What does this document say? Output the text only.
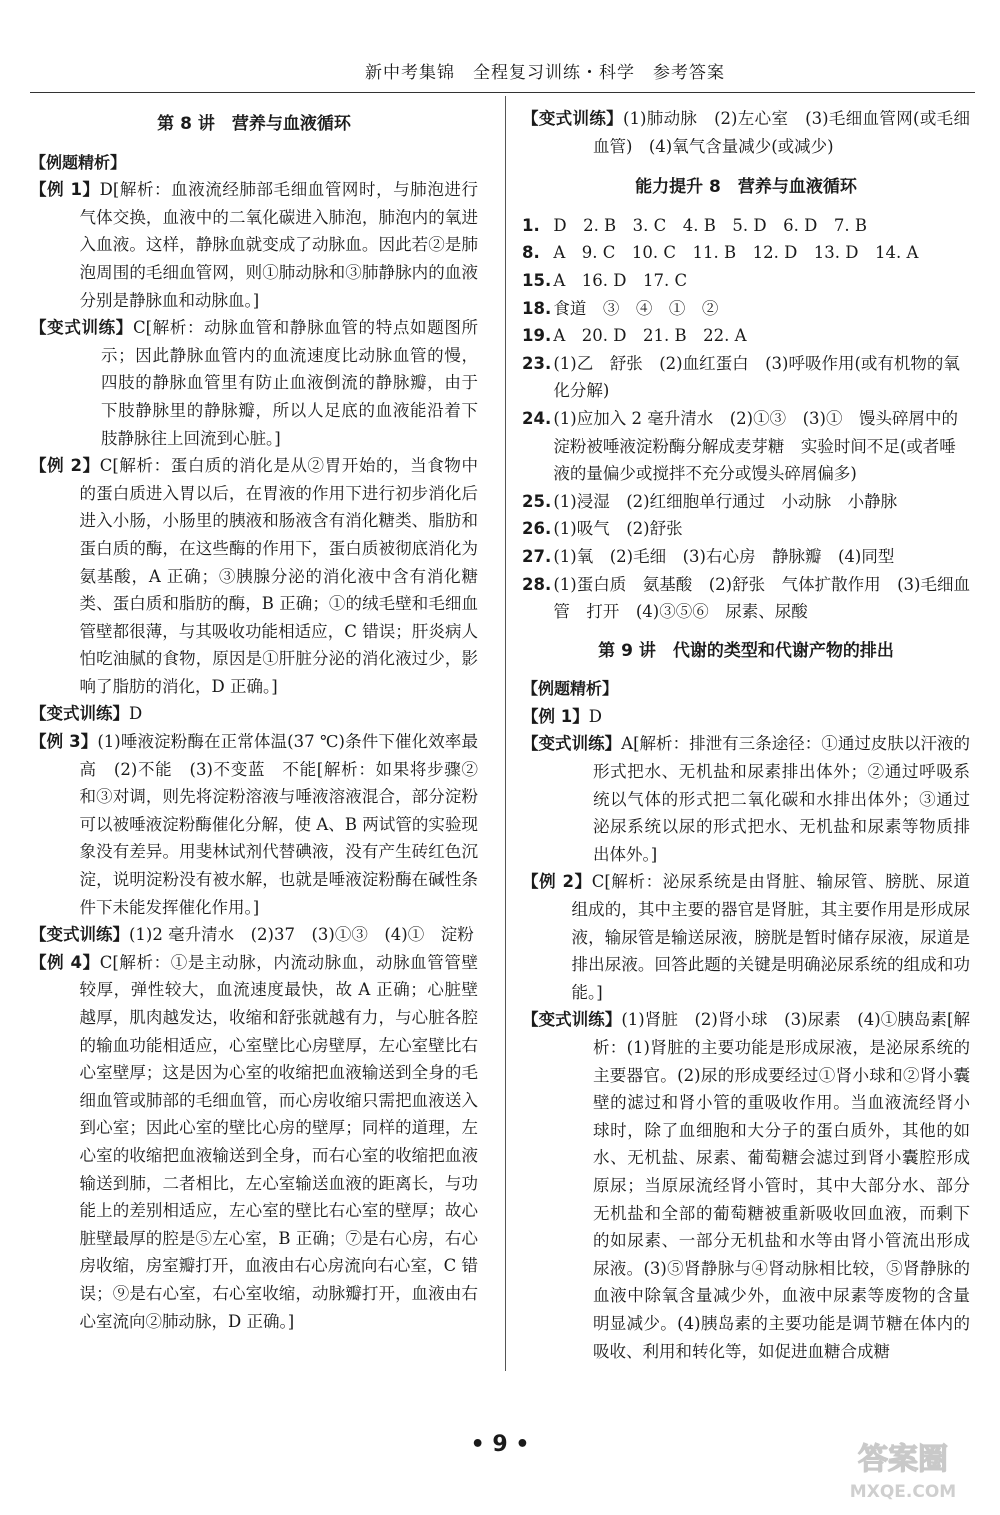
新中考集锦　全程复习训练・科学　参考答案
第 8 讲　营养与血液循环
【例题精析】
【例 1】D[解析：血液流经肺部毛细血管网时，与肺泡进行气体交换，血液中的二氧化碳进入肺泡，肺泡内的氧进入血液。这样，静脉血就变成了动脉血。因此若②是肺泡周围的毛细血管网，则①肺动脉和③肺静脉内的血液分别是静脉血和动脉血。]
【变式训练】C[解析：动脉血管和静脉血管的特点如题图所示；因此静脉血管内的血流速度比动脉血管的慢，四肢的静脉血管里有防止血液倒流的静脉瓣，由于下肢静脉里的静脉瓣，所以人足底的血液能沿着下肢静脉往上回流到心脏。]
【例 2】C[解析：蛋白质的消化是从②胃开始的，当食物中的蛋白质进入胃以后，在胃液的作用下进行初步消化后进入小肠，小肠里的胰液和肠液含有消化糖类、脂肪和蛋白质的酶，在这些酶的作用下，蛋白质被彻底消化为氨基酸，A 正确；③胰腺分泌的消化液中含有消化糖类、蛋白质和脂肪的酶，B 正确；①的绒毛壁和毛细血管壁都很薄，与其吸收功能相适应，C 错误；肝炎病人怕吃油腻的食物，原因是①肝脏分泌的消化液过少，影响了脂肪的消化，D 正确。]
【变式训练】D
【例 3】(1)唾液淀粉酶在正常体温(37 ℃)条件下催化效率最高　(2)不能　(3)不变蓝　不能[解析：如果将步骤②和③对调，则先将淀粉溶液与唾液溶液混合，部分淀粉可以被唾液淀粉酶催化分解，使 A、B 两试管的实验现象没有差异。用斐林试剂代替碘液，没有产生砖红色沉淀，说明淀粉没有被水解，也就是唾液淀粉酶在碱性条件下未能发挥催化作用。]
【变式训练】(1)2 毫升清水　(2)37　(3)①③　(4)①　淀粉
【例 4】C[解析：①是主动脉，内流动脉血，动脉血管管壁较厚，弹性较大，血流速度最快，故 A 正确；心脏壁越厚，肌肉越发达，收缩和舒张就越有力，与心脏各腔的输血功能相适应，心室壁比心房壁厚，左心室壁比右心室壁厚；这是因为心室的收缩把血液输送到全身的毛细血管或肺部的毛细血管，而心房收缩只需把血液送入到心室；因此心室的壁比心房的壁厚；同样的道理，左心室的收缩把血液输送到全身，而右心室的收缩把血液输送到肺，二者相比，左心室输送血液的距离长，与功能上的差别相适应，左心室的壁比右心室的壁厚；故心脏壁最厚的腔是⑤左心室，B 正确；⑦是右心房，右心房收缩，房室瓣打开，血液由右心房流向右心室，C 错误；⑨是右心室，右心室收缩，动脉瓣打开，血液由右心室流向②肺动脉，D 正确。]
【变式训练】(1)肺动脉　(2)左心室　(3)毛细血管网(或毛细血管)　(4)氧气含量减少(或减少)
能力提升 8　营养与血液循环
1. D　2. B　3. C　4. B　5. D　6. D　7. B
8. A　9. C　10. C　11. B　12. D　13. D　14. A
15. A　16. D　17. C
18. 食道　③　④　①　②
19. A　20. D　21. B　22. A
23. (1)乙　舒张　(2)血红蛋白　(3)呼吸作用(或有机物的氧化分解)
24. (1)应加入 2 毫升清水　(2)①③　(3)①　馒头碎屑中的淀粉被唾液淀粉酶分解成麦芽糖　实验时间不足(或者唾液的量偏少或搅拌不充分或馒头碎屑偏多)
25. (1)浸湿　(2)红细胞单行通过　小动脉　小静脉
26. (1)吸气　(2)舒张
27. (1)氧　(2)毛细　(3)右心房　静脉瓣　(4)同型
28. (1)蛋白质　氨基酸　(2)舒张　气体扩散作用　(3)毛细血管　打开　(4)③⑤⑥　尿素、尿酸
第 9 讲　代谢的类型和代谢产物的排出
【例题精析】
【例 1】D
【变式训练】A[解析：排泄有三条途径：①通过皮肤以汗液的形式把水、无机盐和尿素排出体外；②通过呼吸系统以气体的形式把二氧化碳和水排出体外；③通过泌尿系统以尿的形式把水、无机盐和尿素等物质排出体外。]
【例 2】C[解析：泌尿系统是由肾脏、输尿管、膀胱、尿道组成的，其中主要的器官是肾脏，其主要作用是形成尿液，输尿管是输送尿液，膀胱是暂时储存尿液，尿道是排出尿液。回答此题的关键是明确泌尿系统的组成和功能。]
【变式训练】(1)肾脏　(2)肾小球　(3)尿素　(4)①胰岛素[解析：(1)肾脏的主要功能是形成尿液，是泌尿系统的主要器官。(2)尿的形成要经过①肾小球和②肾小囊壁的滤过和肾小管的重吸收作用。当血液流经肾小球时，除了血细胞和大分子的蛋白质外，其他的如水、无机盐、尿素、葡萄糖会滤过到肾小囊腔形成原尿；当原尿流经肾小管时，其中大部分水、部分无机盐和全部的葡萄糖被重新吸收回血液，而剩下的如尿素、一部分无机盐和水等由肾小管流出形成尿液。(3)⑤肾静脉与④肾动脉相比较，⑤肾静脉的血液中除氧含量减少外，血液中尿素等废物的含量明显减少。(4)胰岛素的主要功能是调节糖在体内的吸收、利用和转化等，如促进血糖合成糖
• 9 •	答案圈
MXQE.COM
